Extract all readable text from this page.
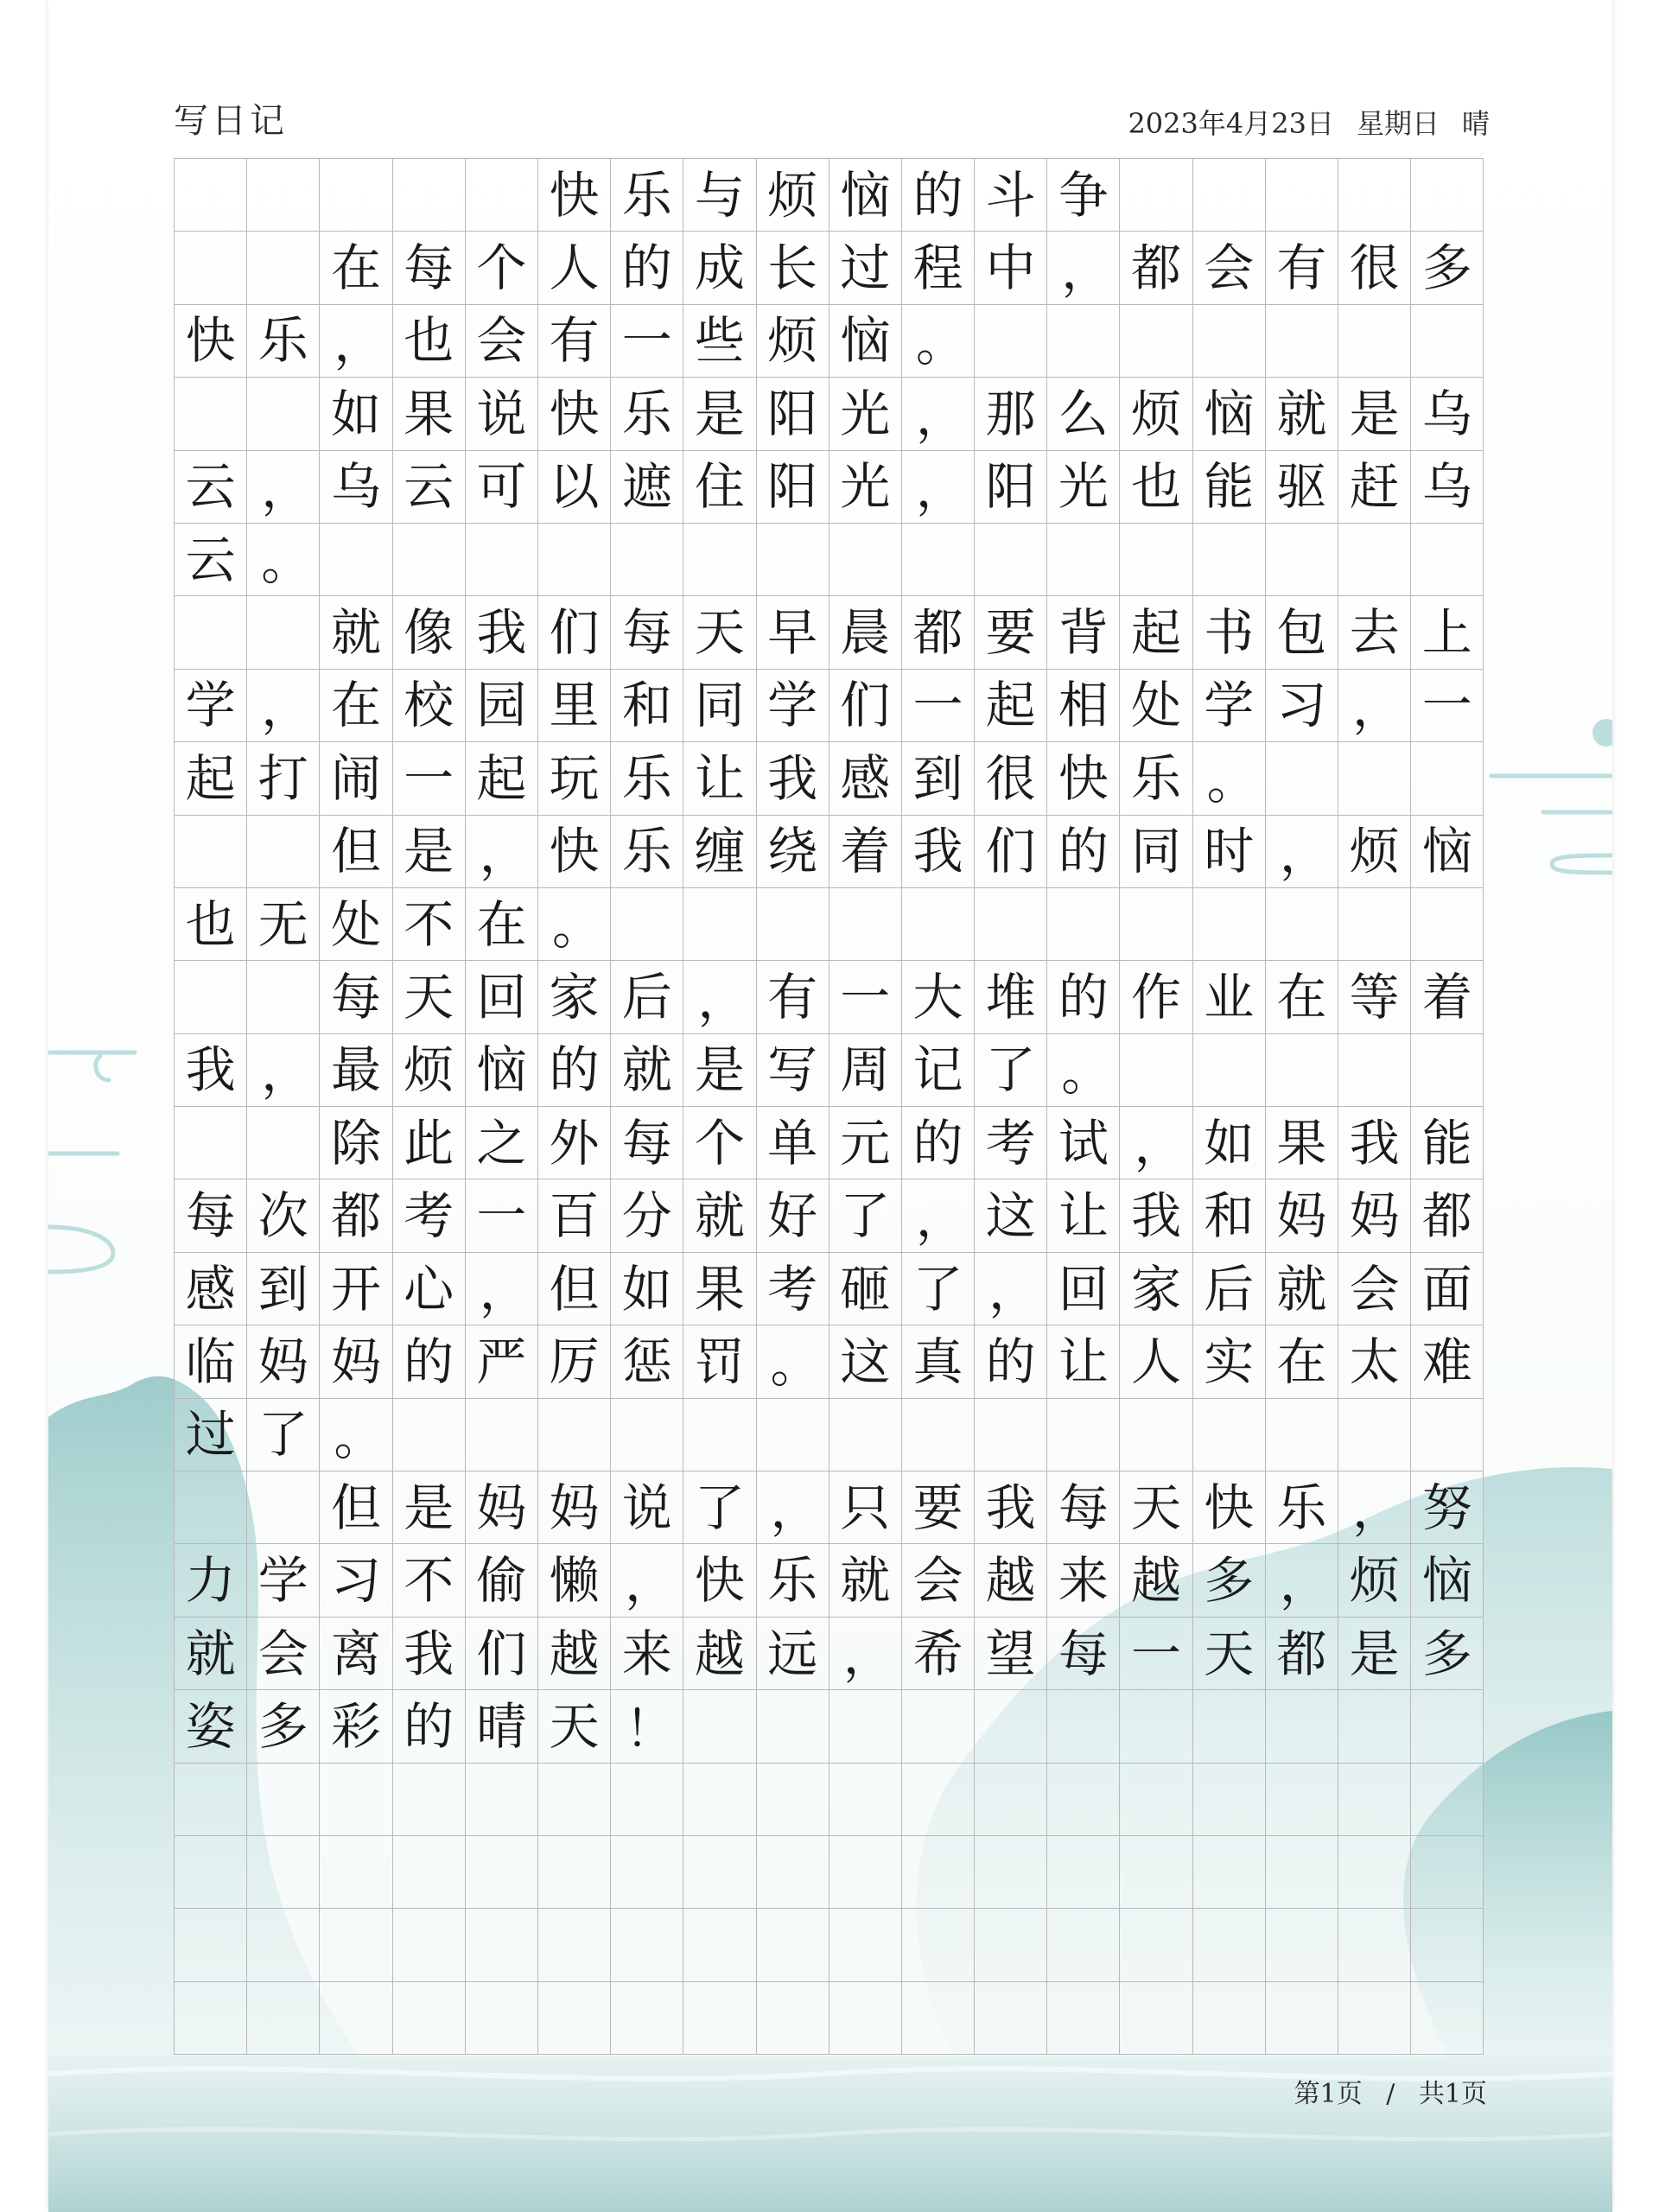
写日记	2023年4月23日 星期日 晴
快 乐 与 烦 恼 的 斗 争
在 每 个 人 的 成 长 过 程 中 ， 都 会 有 很 多
快 乐 ， 也 会 有 一 些 烦 恼 。
如 果 说 快 乐 是 阳 光 ， 那 么 烦 恼 就 是 乌
云 ， 乌 云 可 以 遮 住 阳 光 ， 阳 光 也 能 驱 赶 乌
云 。
就 像 我 们 每 天 早 晨 都 要 背 起 书 包 去 上
学 ， 在 校 园 里 和 同 学 们 一 起 相 处 学 习 ， 一
起 打 闹 一 起 玩 乐 让 我 感 到 很 快 乐 。
但 是 ， 快 乐 缠 绕 着 我 们 的 同 时 ， 烦 恼
也 无 处 不 在 。
每 天 回 家 后 ， 有 一 大 堆 的 作 业 在 等 着
我 ， 最 烦 恼 的 就 是 写 周 记 了 。
除 此 之 外 每 个 单 元 的 考 试 ， 如 果 我 能
每 次 都 考 一 百 分 就 好 了 ， 这 让 我 和 妈 妈 都
感 到 开 心 ， 但 如 果 考 砸 了 ， 回 家 后 就 会 面
临 妈 妈 的 严 厉 惩 罚 。 这 真 的 让 人 实 在 太 难
过 了 。
但 是 妈 妈 说 了 ， 只 要 我 每 天 快 乐 ， 努
力 学 习 不 偷 懒 ， 快 乐 就 会 越 来 越 多 ， 烦 恼
就 会 离 我 们 越 来 越 远 ， 希 望 每 一 天 都 是 多
姿 多 彩 的 晴 天 ！
第1页 / 共1页
